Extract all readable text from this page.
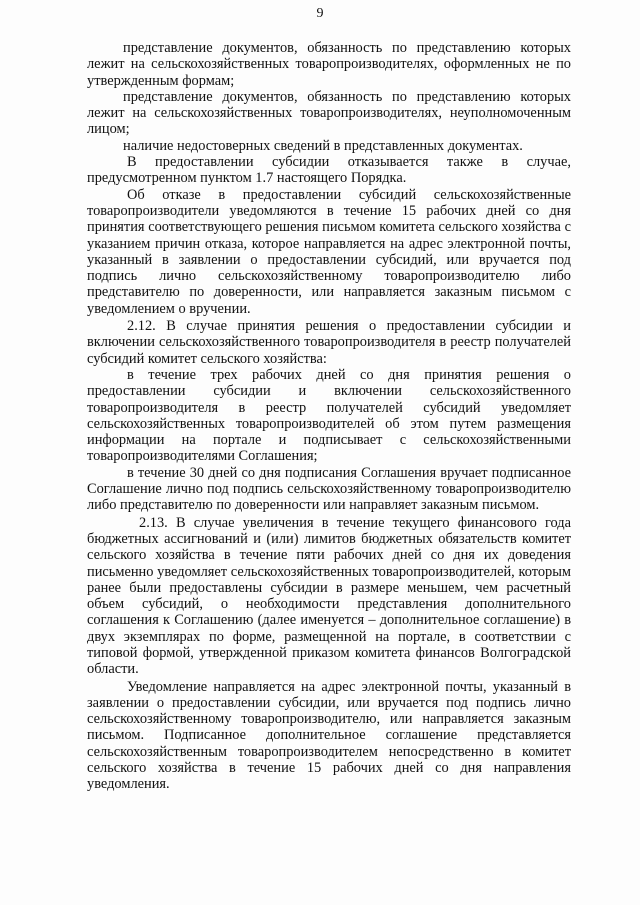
9

представление документов, обязанность по представлению которых лежит на сельскохозяйственных товаропроизводителях, оформленных не по утвержденным формам;

представление документов, обязанность по представлению которых лежит на сельскохозяйственных товаропроизводителях, неуполномоченным лицом;

наличие недостоверных сведений в представленных документах.

В предоставлении субсидии отказывается также в случае, предусмотренном пунктом 1.7 настоящего Порядка.

Об отказе в предоставлении субсидий сельскохозяйственные товаропроизводители уведомляются в течение 15 рабочих дней со дня принятия соответствующего решения письмом комитета сельского хозяйства с указанием причин отказа, которое направляется на адрес электронной почты, указанный в заявлении о предоставлении субсидий, или вручается под подпись лично сельскохозяйственному товаропроизводителю либо представителю по доверенности, или направляется заказным письмом с уведомлением о вручении.

2.12. В случае принятия решения о предоставлении субсидии и включении сельскохозяйственного товаропроизводителя в реестр получателей субсидий комитет сельского хозяйства:

в течение трех рабочих дней со дня принятия решения о предоставлении субсидии и включении сельскохозяйственного товаропроизводителя в реестр получателей субсидий уведомляет сельскохозяйственных товаропроизводителей об этом путем размещения информации на портале и подписывает с сельскохозяйственными товаропроизводителями Соглашения;

в течение 30 дней со дня подписания Соглашения вручает подписанное Соглашение лично под подпись сельскохозяйственному товаропроизводителю либо представителю по доверенности или направляет заказным письмом.

2.13. В случае увеличения в течение текущего финансового года бюджетных ассигнований и (или) лимитов бюджетных обязательств комитет сельского хозяйства в течение пяти рабочих дней со дня их доведения письменно уведомляет сельскохозяйственных товаропроизводителей, которым ранее были предоставлены субсидии в размере меньшем, чем расчетный объем субсидий, о необходимости представления дополнительного соглашения к Соглашению (далее именуется – дополнительное соглашение) в двух экземплярах по форме, размещенной на портале, в соответствии с типовой формой, утвержденной приказом комитета финансов Волгоградской области.

Уведомление направляется на адрес электронной почты, указанный в заявлении о предоставлении субсидии, или вручается под подпись лично сельскохозяйственному товаропроизводителю, или направляется заказным письмом. Подписанное дополнительное соглашение представляется сельскохозяйственным товаропроизводителем непосредственно в комитет сельского хозяйства в течение 15 рабочих дней со дня направления уведомления.
